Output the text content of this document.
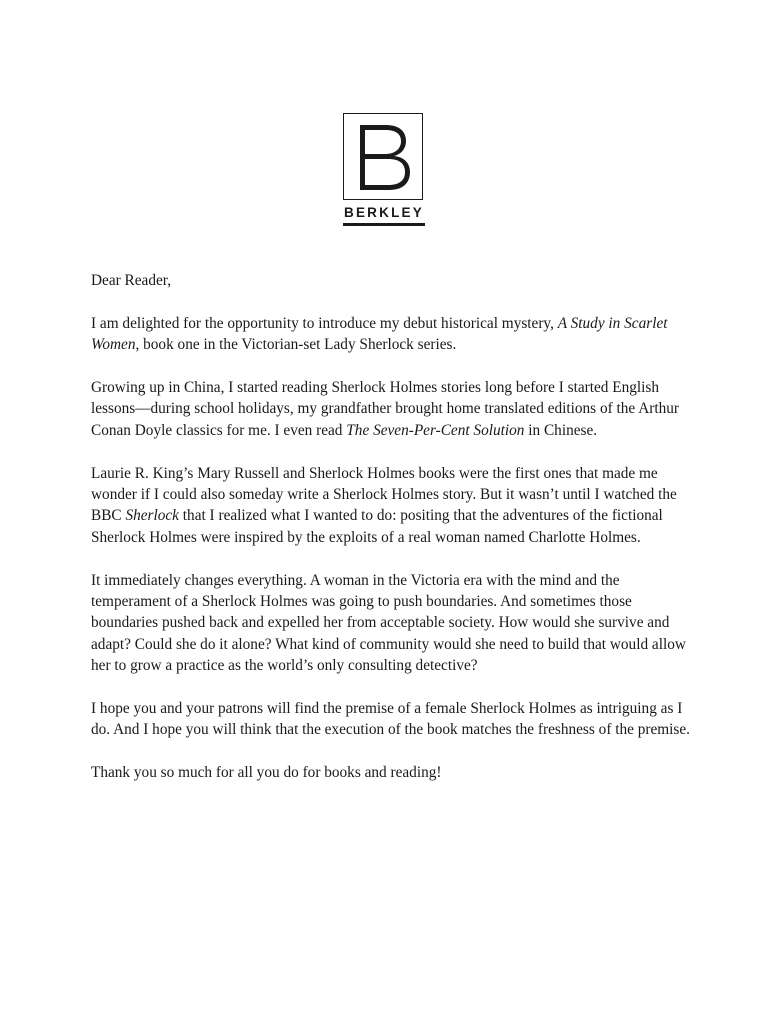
BERKLEY

Dear Reader,

I am delighted for the opportunity to introduce my debut historical mystery, A Study in Scarlet Women, book one in the Victorian-set Lady Sherlock series.

Growing up in China, I started reading Sherlock Holmes stories long before I started English lessons—during school holidays, my grandfather brought home translated editions of the Arthur Conan Doyle classics for me. I even read The Seven-Per-Cent Solution in Chinese.

Laurie R. King’s Mary Russell and Sherlock Holmes books were the first ones that made me wonder if I could also someday write a Sherlock Holmes story. But it wasn’t until I watched the BBC Sherlock that I realized what I wanted to do: positing that the adventures of the fictional Sherlock Holmes were inspired by the exploits of a real woman named Charlotte Holmes.

It immediately changes everything. A woman in the Victoria era with the mind and the temperament of a Sherlock Holmes was going to push boundaries. And sometimes those boundaries pushed back and expelled her from acceptable society. How would she survive and adapt? Could she do it alone? What kind of community would she need to build that would allow her to grow a practice as the world’s only consulting detective?

I hope you and your patrons will find the premise of a female Sherlock Holmes as intriguing as I do. And I hope you will think that the execution of the book matches the freshness of the premise.

Thank you so much for all you do for books and reading!
